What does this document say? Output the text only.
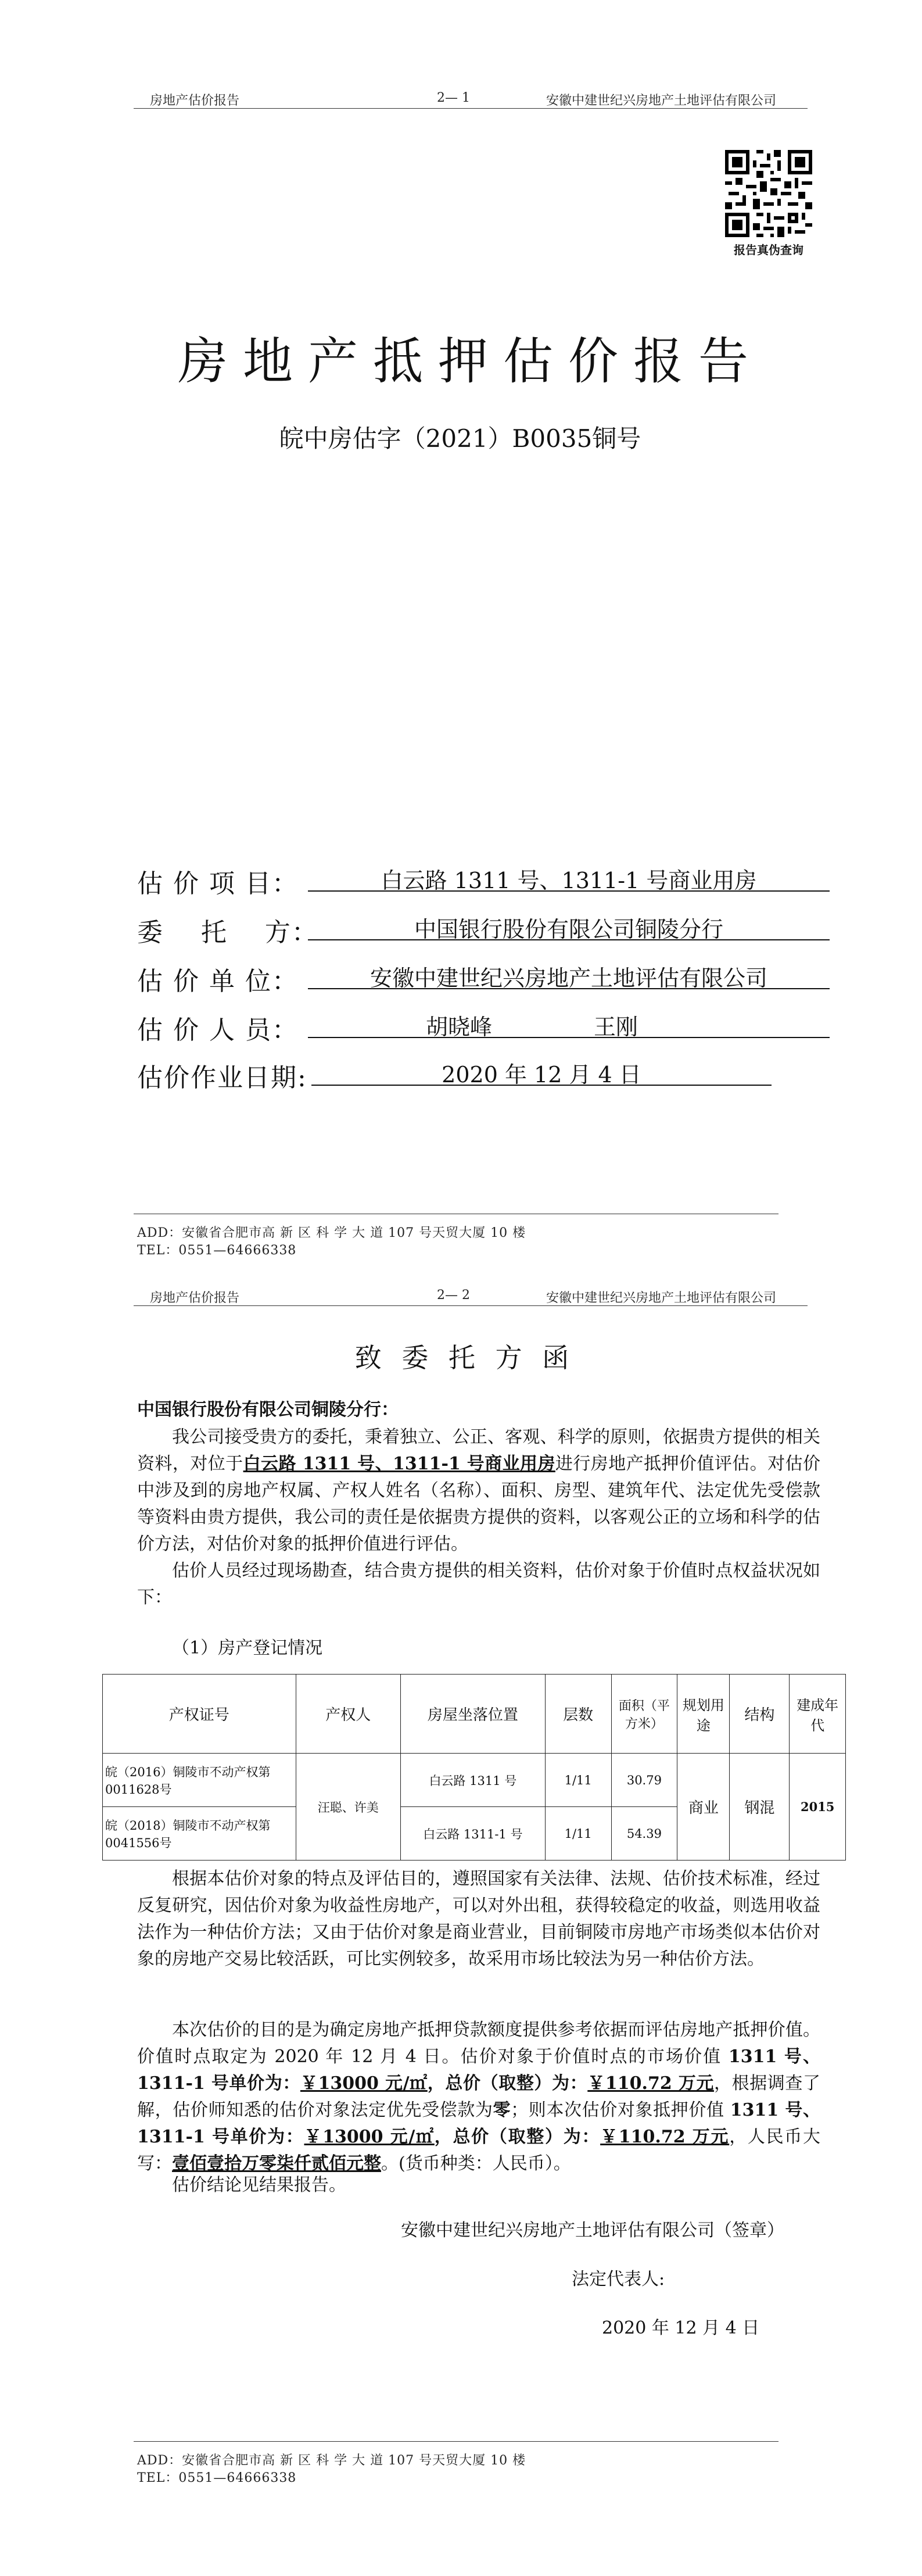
房地产估价报告	2— 1	安徽中建世纪兴房地产土地评估有限公司
报告真伪查询
房地产抵押估价报告
皖中房估字（2021）B0035铜号
估 价 项 目：	白云路 1311 号、1311-1 号商业用房
委    托    方：	中国银行股份有限公司铜陵分行
估 价 单 位：	安徽中建世纪兴房地产土地评估有限公司
估 价 人 员：	胡晓峰	王刚
估价作业日期:	2020 年 12 月 4 日
ADD：安徽省合肥市高 新 区 科 学 大 道 107 号天贸大厦 10 楼
TEL：0551—64666338
房地产估价报告	2— 2	安徽中建世纪兴房地产土地评估有限公司
致 委 托 方 函
中国银行股份有限公司铜陵分行：
我公司接受贵方的委托，秉着独立、公正、客观、科学的原则，依据贵方提供的相关资料，对位于白云路 1311 号、1311-1 号商业用房进行房地产抵押价值评估。对估价中涉及到的房地产权属、产权人姓名（名称）、面积、房型、建筑年代、法定优先受偿款等资料由贵方提供，我公司的责任是依据贵方提供的资料，以客观公正的立场和科学的估价方法，对估价对象的抵押价值进行评估。
估价人员经过现场勘查，结合贵方提供的相关资料，估价对象于价值时点权益状况如下：
（1）房产登记情况
产权证号	产权人	房屋坐落位置	层数	面积（平方米）	规划用途	结构	建成年代
皖（2016）铜陵市不动产权第0011628号	汪聪、许美	白云路 1311 号	1/11	30.79	商业	钢混	2015
皖（2018）铜陵市不动产权第0041556号		白云路 1311-1 号	1/11	54.39			
根据本估价对象的特点及评估目的，遵照国家有关法律、法规、估价技术标准，经过反复研究，因估价对象为收益性房地产，可以对外出租，获得较稳定的收益，则选用收益法作为一种估价方法；又由于估价对象是商业营业，目前铜陵市房地产市场类似本估价对象的房地产交易比较活跃，可比实例较多，故采用市场比较法为另一种估价方法。
本次估价的目的是为确定房地产抵押贷款额度提供参考依据而评估房地产抵押价值。价值时点取定为 2020 年 12 月 4 日。估价对象于价值时点的市场价值 1311 号、1311-1 号单价为：￥13000 元/㎡，总价（取整）为：￥110.72 万元，根据调查了解，估价师知悉的估价对象法定优先受偿款为零；则本次估价对象抵押价值 1311 号、1311-1 号单价为：￥13000 元/㎡，总价（取整）为：￥110.72 万元，人民币大写：壹佰壹拾万零柒仟贰佰元整。(货币种类：人民币）。
估价结论见结果报告。
安徽中建世纪兴房地产土地评估有限公司（签章）
法定代表人:
2020 年 12 月 4 日
ADD：安徽省合肥市高 新 区 科 学 大 道 107 号天贸大厦 10 楼
TEL：0551—64666338
